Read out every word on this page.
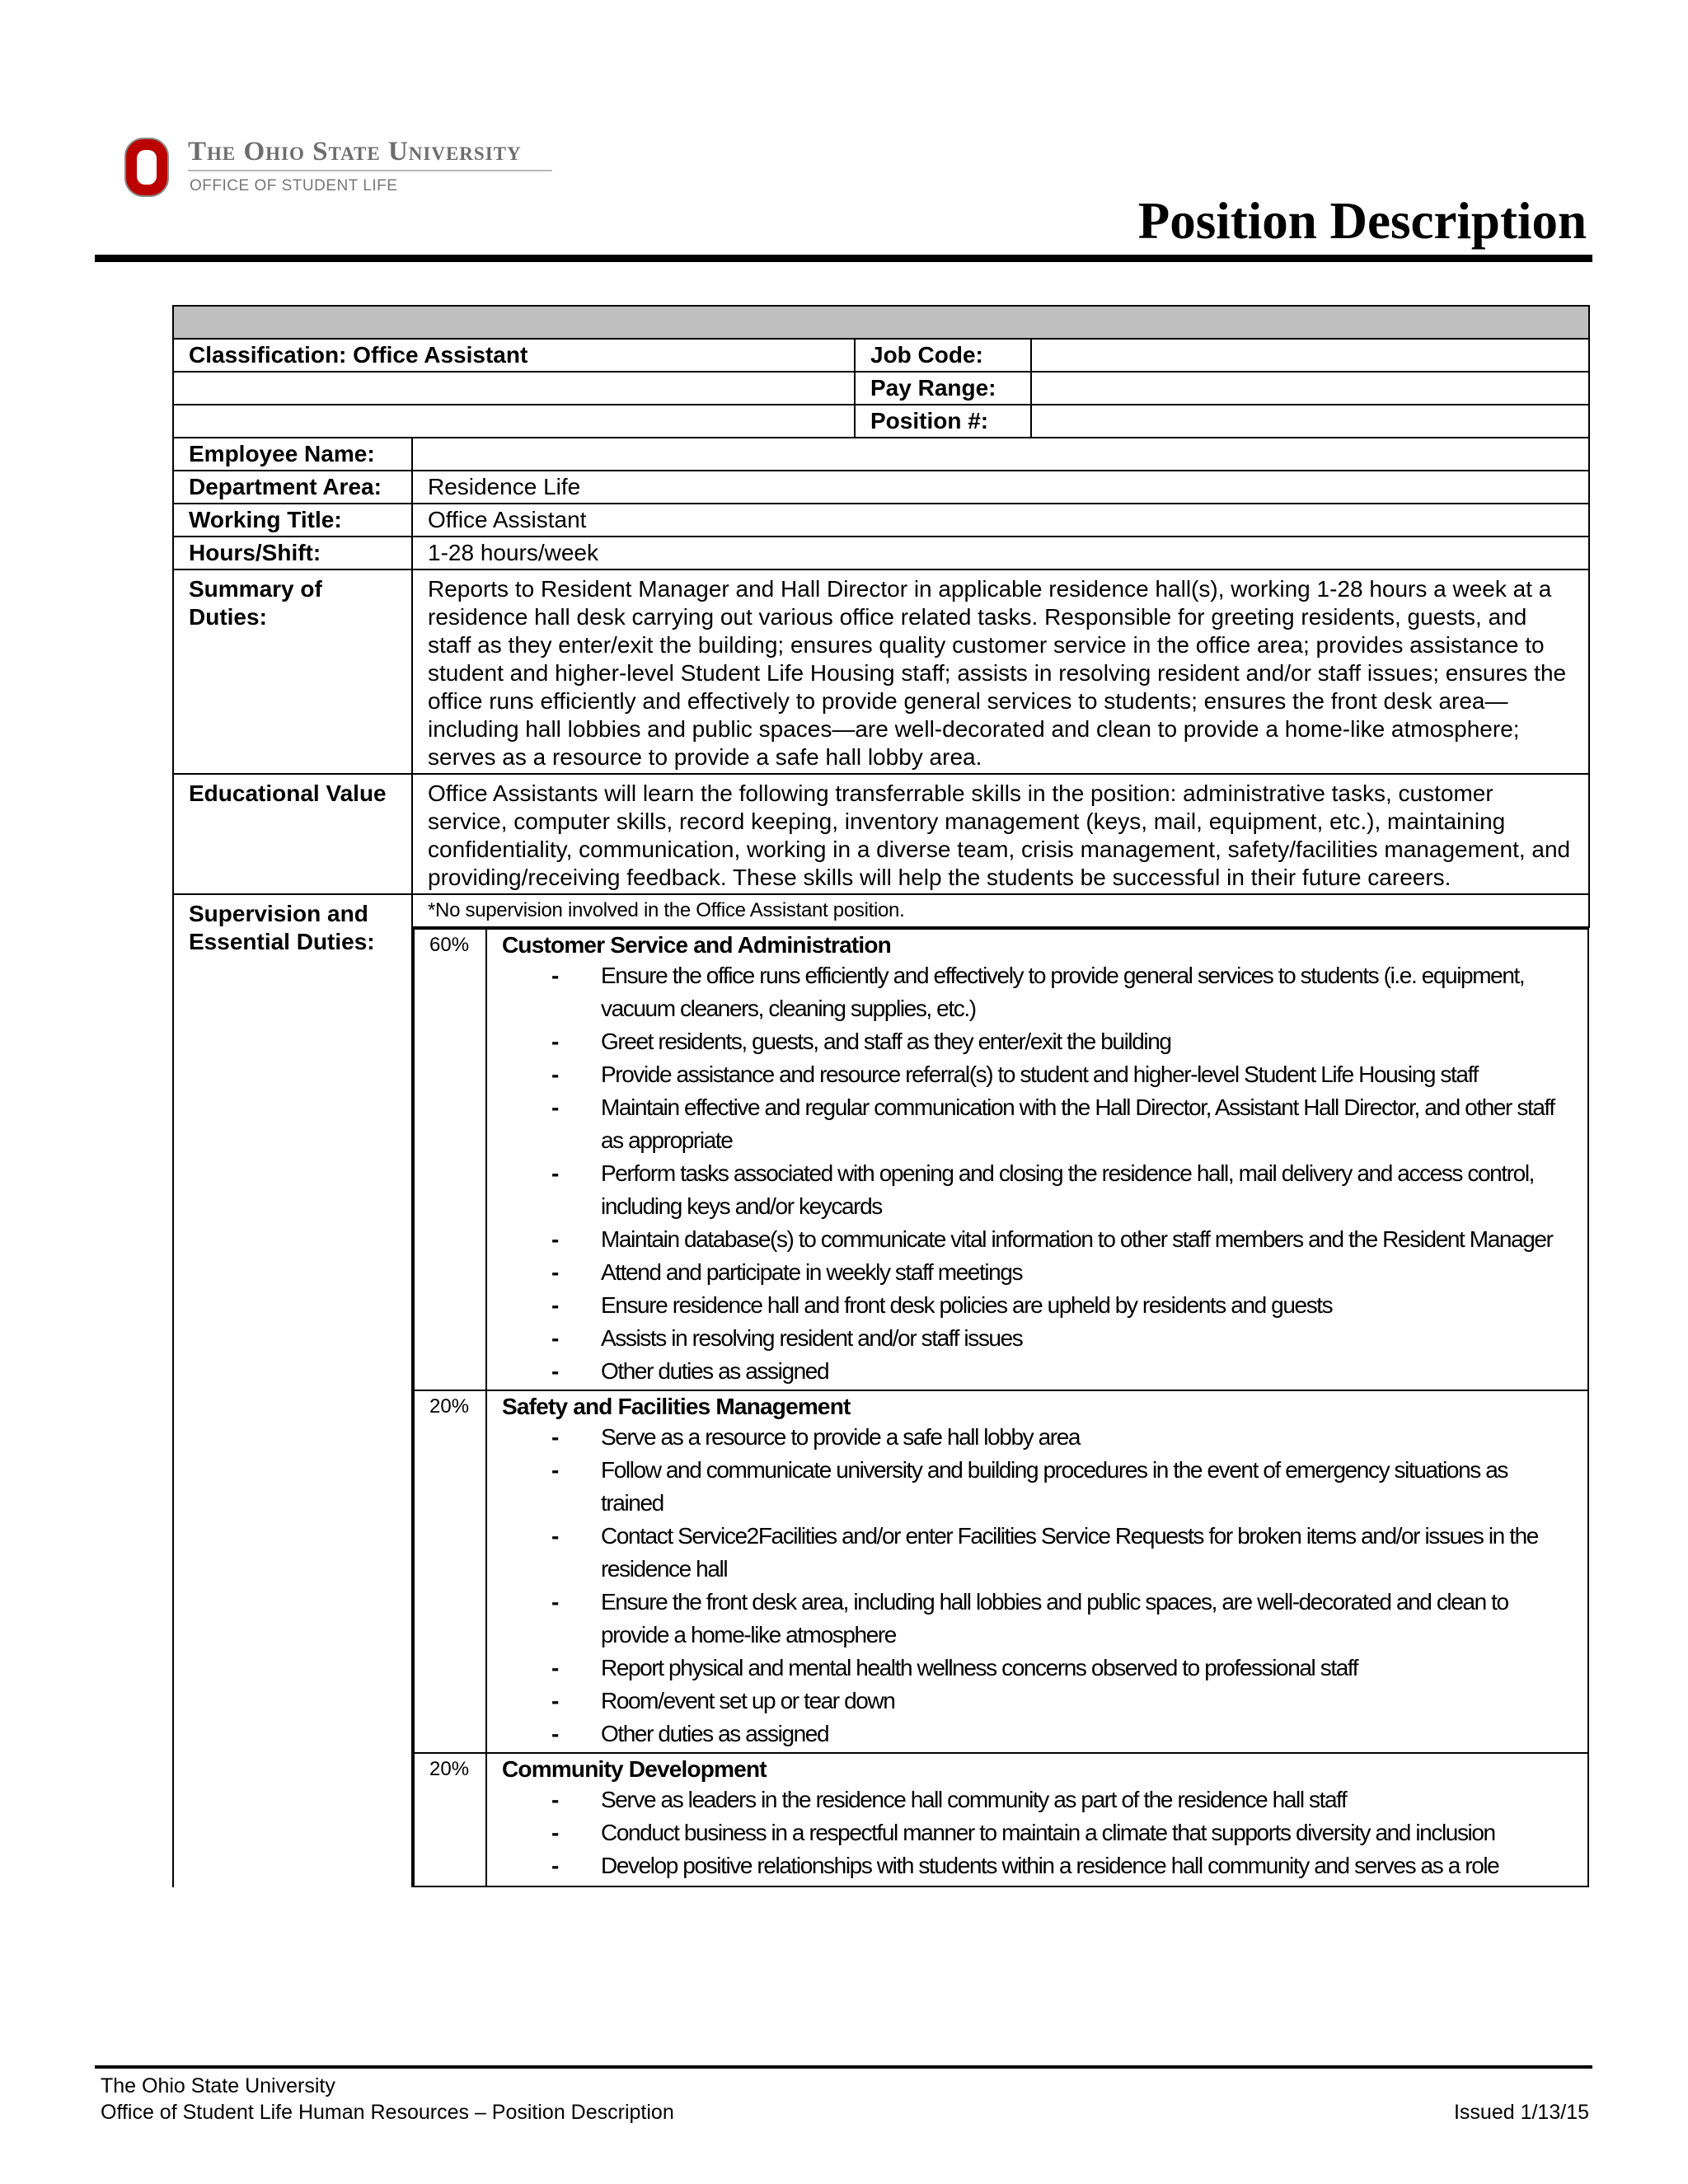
The Ohio State University
OFFICE OF STUDENT LIFE
Position Description

Classification: Office Assistant	Job Code:	
	Pay Range:	
	Position #:	
Employee Name:	
Department Area:	Residence Life
Working Title:	Office Assistant
Hours/Shift:	1-28 hours/week
Summary of Duties:	Reports to Resident Manager and Hall Director in applicable residence hall(s), working 1-28 hours a week at a residence hall desk carrying out various office related tasks. Responsible for greeting residents, guests, and staff as they enter/exit the building; ensures quality customer service in the office area; provides assistance to student and higher-level Student Life Housing staff; assists in resolving resident and/or staff issues; ensures the office runs efficiently and effectively to provide general services to students; ensures the front desk area—including hall lobbies and public spaces—are well-decorated and clean to provide a home-like atmosphere; serves as a resource to provide a safe hall lobby area.
Educational Value	Office Assistants will learn the following transferrable skills in the position: administrative tasks, customer service, computer skills, record keeping, inventory management (keys, mail, equipment, etc.), maintaining confidentiality, communication, working in a diverse team, crisis management, safety/facilities management, and providing/receiving feedback. These skills will help the students be successful in their future careers.
Supervision and Essential Duties:	*No supervision involved in the Office Assistant position.

60%	Customer Service and Administration
- Ensure the office runs efficiently and effectively to provide general services to students (i.e. equipment, vacuum cleaners, cleaning supplies, etc.)
- Greet residents, guests, and staff as they enter/exit the building
- Provide assistance and resource referral(s) to student and higher-level Student Life Housing staff
- Maintain effective and regular communication with the Hall Director, Assistant Hall Director, and other staff as appropriate
- Perform tasks associated with opening and closing the residence hall, mail delivery and access control, including keys and/or keycards
- Maintain database(s) to communicate vital information to other staff members and the Resident Manager
- Attend and participate in weekly staff meetings
- Ensure residence hall and front desk policies are upheld by residents and guests
- Assists in resolving resident and/or staff issues
- Other duties as assigned

20%	Safety and Facilities Management
- Serve as a resource to provide a safe hall lobby area
- Follow and communicate university and building procedures in the event of emergency situations as trained
- Contact Service2Facilities and/or enter Facilities Service Requests for broken items and/or issues in the residence hall
- Ensure the front desk area, including hall lobbies and public spaces, are well-decorated and clean to provide a home-like atmosphere
- Report physical and mental health wellness concerns observed to professional staff
- Room/event set up or tear down
- Other duties as assigned

20%	Community Development
- Serve as leaders in the residence hall community as part of the residence hall staff
- Conduct business in a respectful manner to maintain a climate that supports diversity and inclusion
- Develop positive relationships with students within a residence hall community and serves as a role
The Ohio State University
Office of Student Life Human Resources – Position Description	Issued 1/13/15
